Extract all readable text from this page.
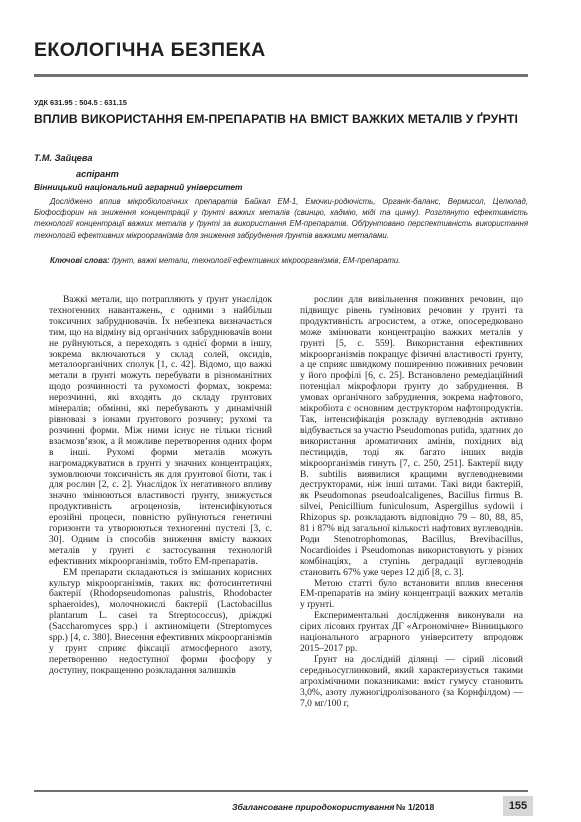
ЕКОЛОГІЧНА БЕЗПЕКА
УДК 631.95 : 504.5 : 631.15
ВПЛИВ ВИКОРИСТАННЯ ЕМ-ПРЕПАРАТІВ НА ВМІСТ ВАЖКИХ МЕТАЛІВ У ҐРУНТІ
Т.М. Зайцева
аспірант
Вінницький національний аграрний університет

Досліджено вплив мікробіологічних препаратів Байкал ЕМ-1, Емочки-родючість, Органік-баланс, Вермисол, Целюлад, Біофосфорин на зниження концентрації у ґрунті важких металів (свинцю, кадмію, міді та цинку). Розглянуто ефективність технології концентрації важких металів у ґрунті за використання ЕМ-препаратів. Обґрунтовано перспективність використання технологій ефективних мікроорганізмів для зниження забруднення ґрунтів важкими металами.

Ключові слова: ґрунт, важкі метали, технології ефективних мікроорганізмів, ЕМ-препарати.

Важкі метали, що потрапляють у ґрунт унаслідок техногенних навантажень, є одними з найбільш токсичних забруднювачів. Їх небезпека визначається тим, що на відміну від органічних забруднювачів вони не руйнуються, а переходять з однієї форми в іншу, зокрема включаються у склад солей, оксидів, металоорганічних сполук [1, с. 42]. Відомо, що важкі метали в ґрунті можуть перебувати в різноманітних щодо розчинності та рухомості формах, зокрема: нерозчинні, які входять до складу ґрунтових мінералів; обмінні, які перебувають у динамічній рівновазі з іонами ґрунтового розчину; рухомі та розчинні форми. Між ними існує не тільки тісний взаємозв’язок, а й можливе перетворення одних форм в інші. Рухомі форми металів можуть нагромаджуватися в ґрунті у значних концентраціях, зумовлюючи токсичність як для ґрунтової біоти, так і для рослин [2, с. 2]. Унаслідок їх негативного впливу значно змінюються властивості ґрунту, знижується продуктивність агроценозів, інтенсифікуються ерозійні процеси, повністю руйнуються генетичні горизонти та утворюються техногенні пустелі [3, с. 30]. Одним із способів зниження вмісту важких металів у ґрунті є застосування технологій ефективних мікроорганізмів, тобто ЕМ-препаратів.

ЕМ препарати складаються із змішаних корисних культур мікроорганізмів, таких як: фотосинтетичні бактерії (Rhodopseudomonas palustris, Rhodobacter sphaeroides), молочнокислі бактерії (Lactobacillus plantarum L. casei та Streptococcus), дріжджі (Saccharomyces spp.) і актиноміцети (Streptomyces spp.) [4, с. 380]. Внесення ефективних мікроорганізмів у ґрунт сприяє фіксації атмосферного азоту, перетворенню недоступної форми фосфору у доступну, покращенню розкладання залишків

рослин для вивільнення поживних речовин, що підвищує рівень гумінових речовин у ґрунті та продуктивність агросистем, а отже, опосередковано може змінювати концентрацію важких металів у ґрунті [5, с. 559]. Використання ефективних мікроорганізмів покращує фізичні властивості ґрунту, а це сприяє швидкому поширенню поживних речовин у його профілі [6, с. 25]. Встановлено ремедіаційний потенціал мікрофлори ґрунту до забруднення. В умовах органічного забруднення, зокрема нафтового, мікробіота є основним деструктором нафтопродуктів. Так, інтенсифікація розкладу вуглеводнів активно відбувається за участю Pseudomonas putida, здатних до використання ароматичних амінів, похідних від пестицидів, тоді як багато інших видів мікроорганізмів гинуть [7, с. 250, 251]. Бактерії виду B. subtilis виявилися кращими вуглеводневими деструкторами, ніж інші штами. Такі види бактерій, як Pseudomonas pseudoalcaligenes, Bacillus firmus B. silvei, Penicillium funiculosum, Aspergillus sydowii і Rhizopus sp. розкладають відповідно 79 – 80, 88, 85, 81 і 87% від загальної кількості нафтових вуглеводнів. Роди Stenotrophomonas, Bacillus, Brevibacillus, Nocardioides і Pseudomonas використовують у різних комбінаціях, а ступінь деградації вуглеводнів становить 67% уже через 12 діб [8, с. 3].

Метою статті було встановити вплив внесення ЕМ-препаратів на зміну концентрації важких металів у ґрунті.

Експериментальні дослідження виконували на сірих лісових ґрунтах ДГ «Агрономічне» Вінницького національного аграрного університету впродовж 2015–2017 рр.

Ґрунт на дослідній ділянці — сірий лісовий середньосуглинковий, який характеризується такими агрохімічними показниками: вміст гумусу становить 3,0%, азоту лужногідролізованого (за Корнфілдом) — 7,0 мг/100 г,

Збалансоване природокористування № 1/2018	155
